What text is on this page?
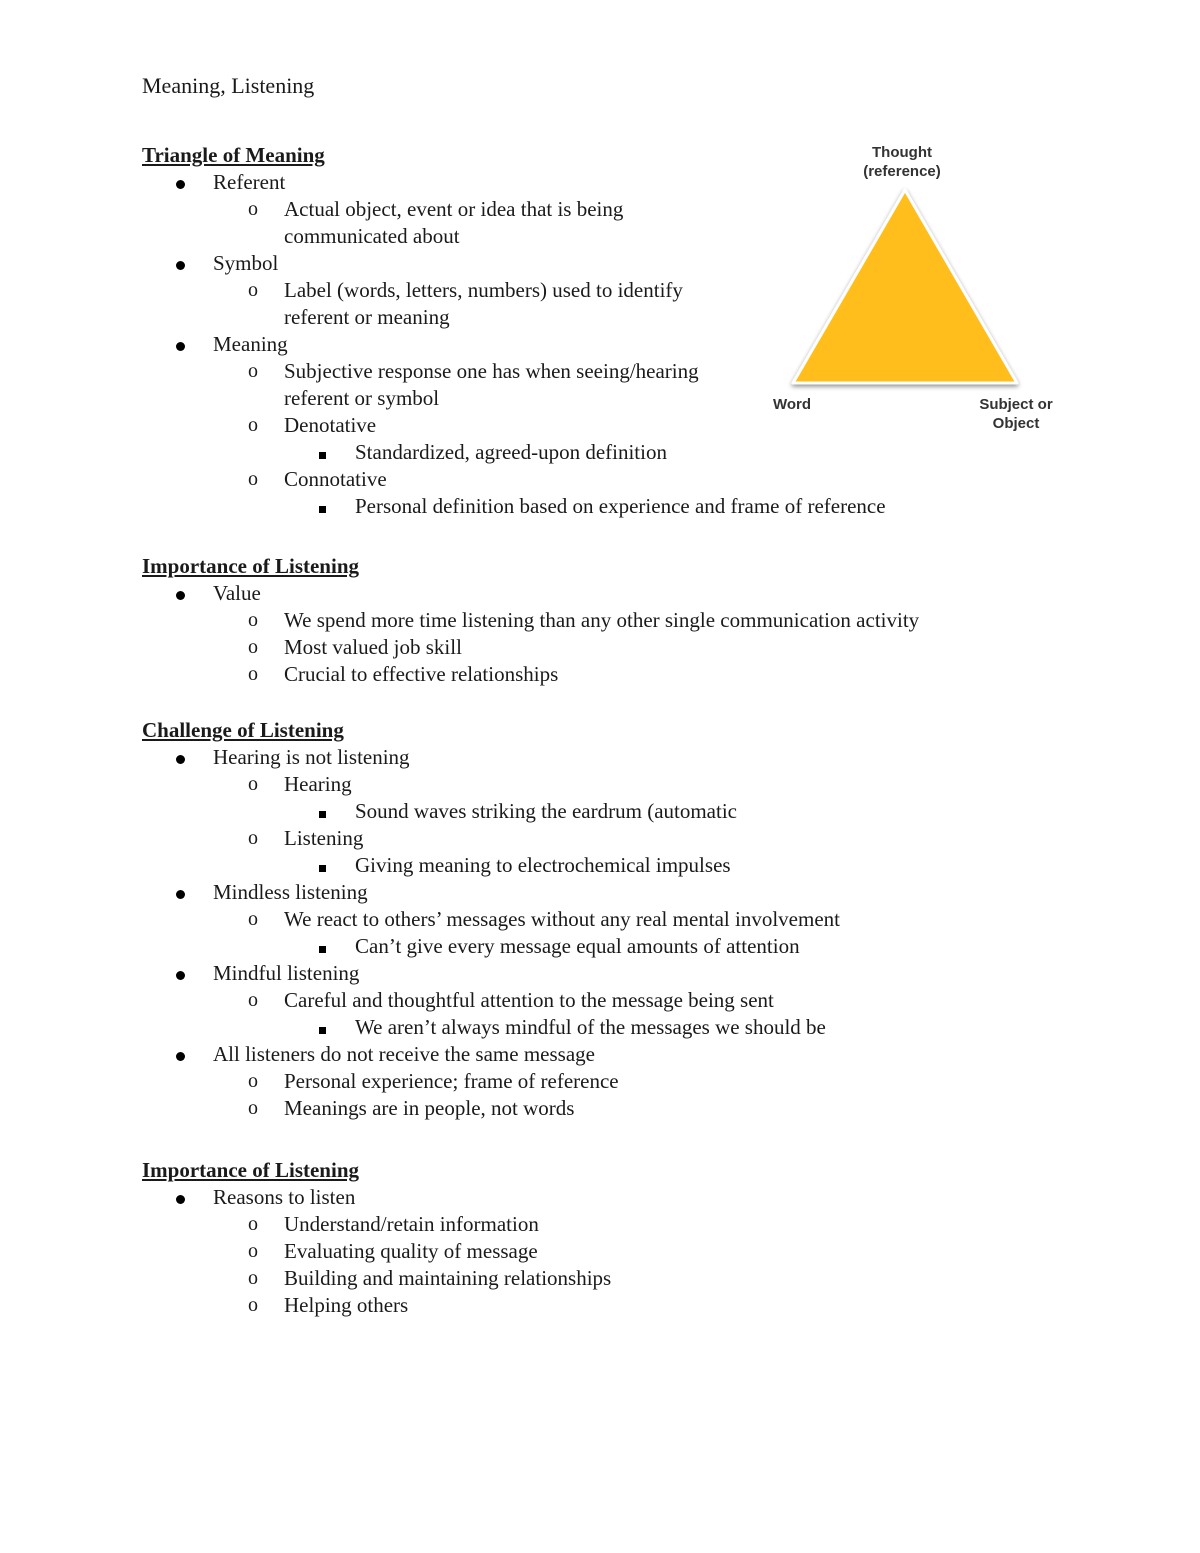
Meaning, Listening
Triangle of Meaning
Referent
o Actual object, event or idea that is being
communicated about
Symbol
o Label (words, letters, numbers) used to identify
referent or meaning
Meaning
o Subjective response one has when seeing/hearing
referent or symbol
o Denotative
Standardized, agreed-upon definition
o Connotative
Personal definition based on experience and frame of reference
Importance of Listening
Value
o We spend more time listening than any other single communication activity
o Most valued job skill
o Crucial to effective relationships
Challenge of Listening
Hearing is not listening
o Hearing
Sound waves striking the eardrum (automatic
o Listening
Giving meaning to electrochemical impulses
Mindless listening
o We react to others’ messages without any real mental involvement
Can’t give every message equal amounts of attention
Mindful listening
o Careful and thoughtful attention to the message being sent
We aren’t always mindful of the messages we should be
All listeners do not receive the same message
o Personal experience; frame of reference
o Meanings are in people, not words
Importance of Listening
Reasons to listen
o Understand/retain information
o Evaluating quality of message
o Building and maintaining relationships
o Helping others
Thought
(reference)
Word	Subject or
Object
